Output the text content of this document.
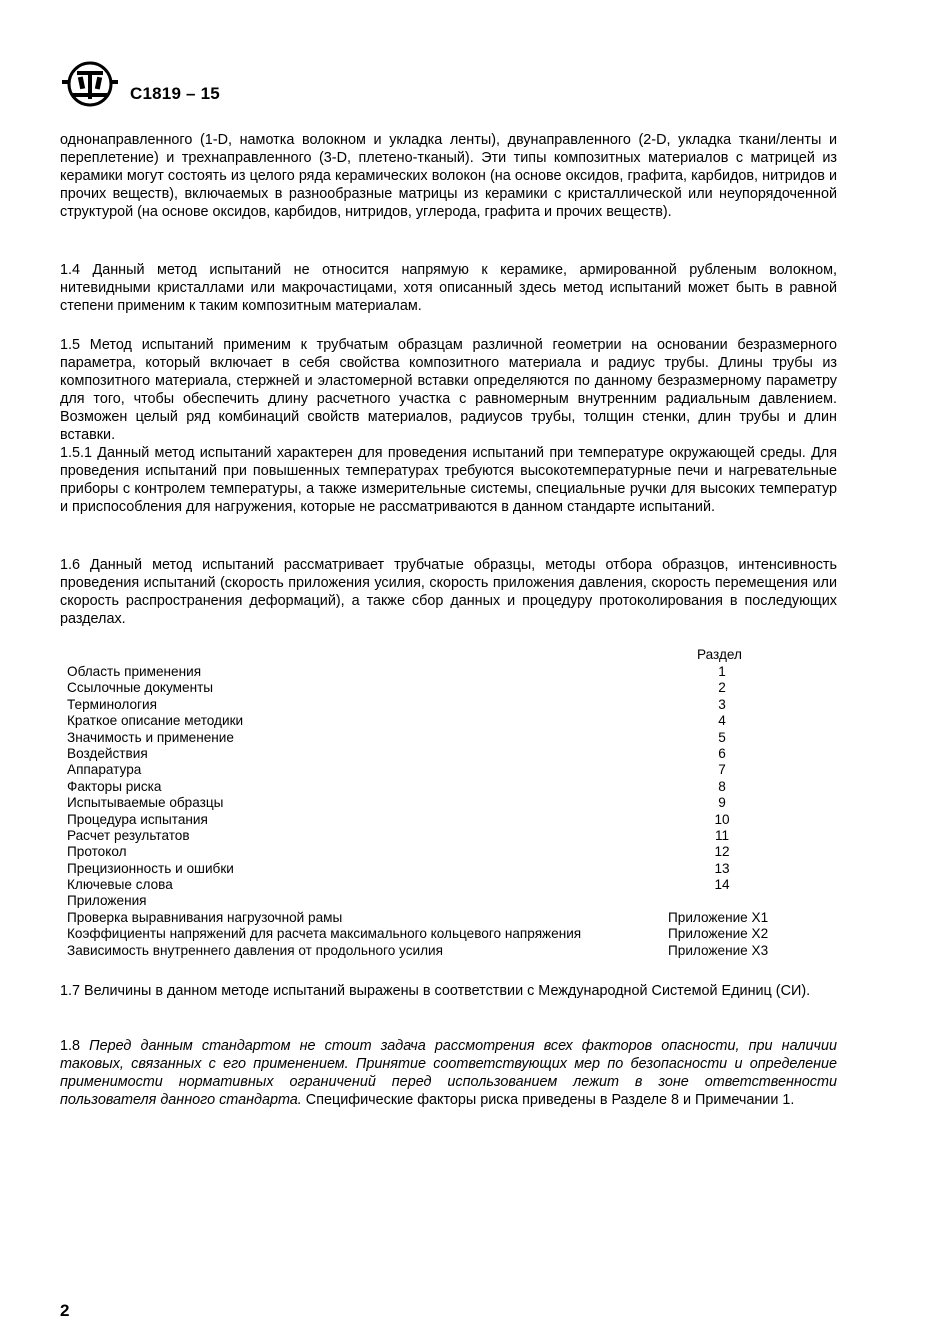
C1819 – 15

однонаправленного (1-D, намотка волокном и укладка ленты), двунаправленного (2-D, укладка ткани/ленты и переплетение) и трехнаправленного (3-D, плетено-тканый). Эти типы композитных материалов с матрицей из керамики могут состоять из целого ряда керамических волокон (на основе оксидов, графита, карбидов, нитридов и прочих веществ), включаемых в разнообразные матрицы из керамики с кристаллической или неупорядоченной структурой (на основе оксидов, карбидов, нитридов, углерода, графита и прочих веществ).

1.4 Данный метод испытаний не относится напрямую к керамике, армированной рубленым волокном, нитевидными кристаллами или макрочастицами, хотя описанный здесь метод испытаний может быть в равной степени применим к таким композитным материалам.

1.5 Метод испытаний применим к трубчатым образцам различной геометрии на основании безразмерного параметра, который включает в себя свойства композитного материала и радиус трубы. Длины трубы из композитного материала, стержней и эластомерной вставки определяются по данному безразмерному параметру для того, чтобы обеспечить длину расчетного участка с равномерным внутренним радиальным давлением. Возможен целый ряд комбинаций свойств материалов, радиусов трубы, толщин стенки, длин трубы и длин вставки.

1.5.1 Данный метод испытаний характерен для проведения испытаний при температуре окружающей среды. Для проведения испытаний при повышенных температурах требуются высокотемпературные печи и нагревательные приборы с контролем температуры, а также измерительные системы, специальные ручки для высоких температур и приспособления для нагружения, которые не рассматриваются в данном стандарте испытаний.

1.6 Данный метод испытаний рассматривает трубчатые образцы, методы отбора образцов, интенсивность проведения испытаний (скорость приложения усилия, скорость приложения давления, скорость перемещения или скорость распространения деформаций), а также сбор данных и процедуру протоколирования в последующих разделах.

Раздел
Область применения	1
Ссылочные документы	2
Терминология	3
Краткое описание методики	4
Значимость и применение	5
Воздействия	6
Аппаратура	7
Факторы риска	8
Испытываемые образцы	9
Процедура испытания	10
Расчет результатов	11
Протокол	12
Прецизионность и ошибки	13
Ключевые слова	14
Приложения
Проверка выравнивания нагрузочной рамы	Приложение X1
Коэффициенты напряжений для расчета максимального кольцевого напряжения	Приложение X2
Зависимость внутреннего давления от продольного усилия	Приложение X3

1.7 Величины в данном методе испытаний выражены в соответствии с Международной Системой Единиц (СИ).

1.8 Перед данным стандартом не стоит задача рассмотрения всех факторов опасности, при наличии таковых, связанных с его применением. Принятие соответствующих мер по безопасности и определение применимости нормативных ограничений перед использованием лежит в зоне ответственности пользователя данного стандарта. Специфические факторы риска приведены в Разделе 8 и Примечании 1.

2
